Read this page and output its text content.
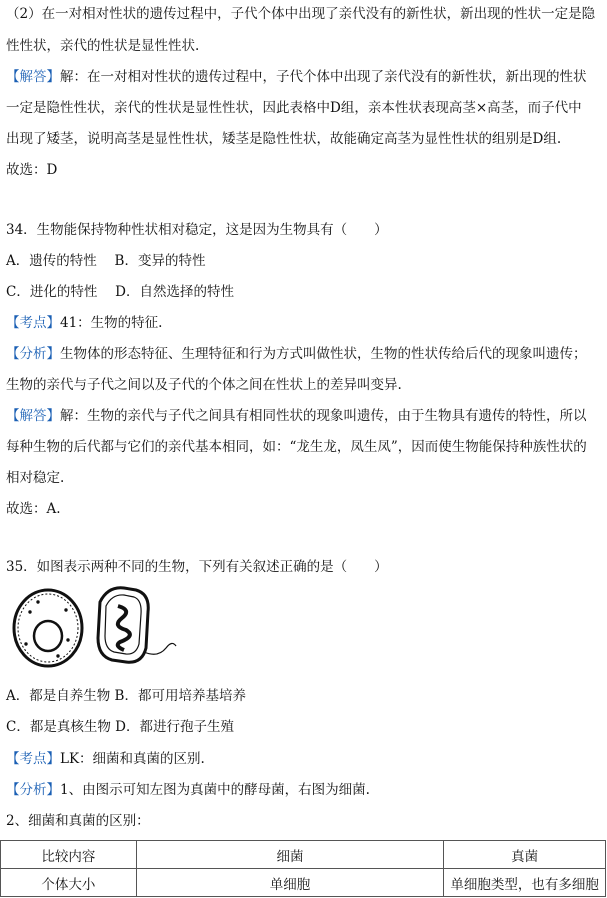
（2）在一对相对性状的遗传过程中，子代个体中出现了亲代没有的新性状，新出现的性状一定是隐
性性状，亲代的性状是显性性状.
【解答】解：在一对相对性状的遗传过程中，子代个体中出现了亲代没有的新性状，新出现的性状
一定是隐性性状，亲代的性状是显性性状，因此表格中D组，亲本性状表现高茎×高茎，而子代中
出现了矮茎，说明高茎是显性性状，矮茎是隐性性状，故能确定高茎为显性性状的组别是D组.
故选：D
34．生物能保持物种性状相对稳定，这是因为生物具有（　　）
A．遗传的特性　 B．变异的特性
C．进化的特性　 D．自然选择的特性
【考点】41：生物的特征.
【分析】生物体的形态特征、生理特征和行为方式叫做性状，生物的性状传给后代的现象叫遗传；
生物的亲代与子代之间以及子代的个体之间在性状上的差异叫变异.
【解答】解：生物的亲代与子代之间具有相同性状的现象叫遗传，由于生物具有遗传的特性，所以
每种生物的后代都与它们的亲代基本相同，如：“龙生龙，凤生凤”，因而使生物能保持种族性状的
相对稳定.
故选：A.
35．如图表示两种不同的生物，下列有关叙述正确的是（　　）
A．都是自养生物 B．都可用培养基培养
C．都是真核生物 D．都进行孢子生殖
【考点】LK：细菌和真菌的区别.
【分析】1、由图示可知左图为真菌中的酵母菌，右图为细菌.
2、细菌和真菌的区别：
比较内容	细菌	真菌
个体大小	单细胞	单细胞类型，也有多细胞
